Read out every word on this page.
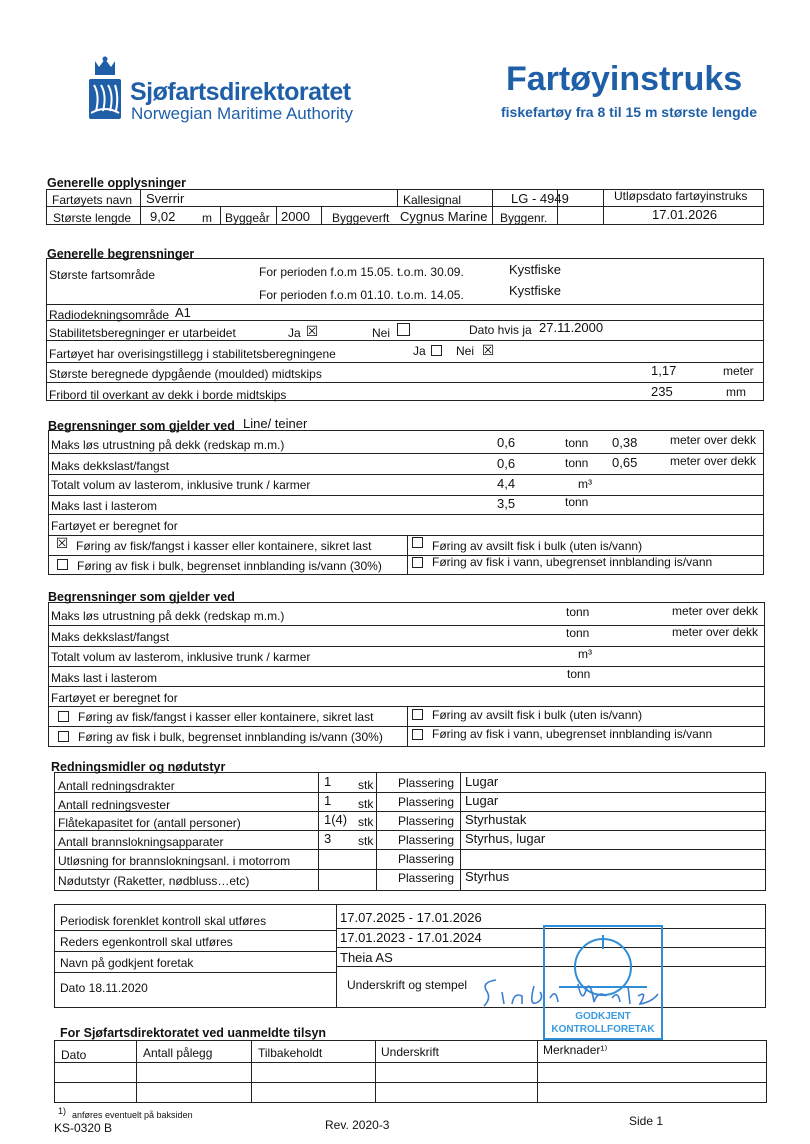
Sjøfartsdirektoratet
Norwegian Maritime Authority
Fartøyinstruks
fiskefartøy fra 8 til 15 m største lengde
Generelle opplysninger
Fartøyets navn Sverrir	Kallesignal	LG - 4949	Utløpsdato fartøyinstruks
17.01.2026
Største lengde 9,02 m Byggeår 2000 Byggeverft Cygnus Marine Byggenr.
Generelle begrensninger
Største fartsområde	For perioden f.o.m 15.05. t.o.m. 30.09.	Kystfiske
For perioden f.o.m 01.10. t.o.m. 14.05.	Kystfiske
Radiodekningsområde A1
Stabilitetsberegninger er utarbeidet	Ja ☒	Nei	Dato hvis ja 27.11.2000
Fartøyet har overisingstillegg i stabilitetsberegningene	Ja	Nei ☒
Største beregnede dypgående (moulded) midtskips	1,17	meter
Fribord til overkant av dekk i borde midtskips	235	mm
Begrensninger som gjelder ved Line/ teiner
Maks løs utrustning på dekk (redskap m.m.)	0,6	tonn 0,38	meter over dekk
Maks dekkslast/fangst	0,6	tonn 0,65	meter over dekk
Totalt volum av lasterom, inklusive trunk / karmer	4,4	m³
Maks last i lasterom	3,5	tonn
Fartøyet er beregnet for
☒ Føring av fisk/fangst i kasser eller kontainere, sikret last	Føring av avsilt fisk i bulk (uten is/vann)
Føring av fisk i bulk, begrenset innblanding is/vann (30%)	Føring av fisk i vann, ubegrenset innblanding is/vann
Begrensninger som gjelder ved
Maks løs utrustning på dekk (redskap m.m.)	tonn	meter over dekk
Maks dekkslast/fangst	tonn	meter over dekk
Totalt volum av lasterom, inklusive trunk / karmer	m³
Maks last i lasterom	tonn
Fartøyet er beregnet for
Føring av fisk/fangst i kasser eller kontainere, sikret last	Føring av avsilt fisk i bulk (uten is/vann)
Føring av fisk i bulk, begrenset innblanding is/vann (30%)	Føring av fisk i vann, ubegrenset innblanding is/vann
Redningsmidler og nødutstyr
Antall redningsdrakter	1 stk Plassering Lugar
Antall redningsvester	1 stk Plassering Lugar
Flåtekapasitet for (antall personer)	1(4) stk Plassering Styrhustak
Antall brannslokningsapparater	3 stk Plassering Styrhus, lugar
Utløsning for brannslokningsanl. i motorrom	Plassering
Nødutstyr (Raketter, nødbluss…etc)	Plassering Styrhus
Periodisk forenklet kontroll skal utføres	17.07.2025 - 17.01.2026
Reders egenkontroll skal utføres	17.01.2023 - 17.01.2024
Navn på godkjent foretak	Theia AS
Dato 18.11.2020	Underskrift og stempel
GODKJENT
KONTROLLFORETAK
For Sjøfartsdirektoratet ved uanmeldte tilsyn
Dato	Antall pålegg	Tilbakeholdt	Underskrift	Merknader¹⁾
1) anføres eventuelt på baksiden
KS-0320 B	Rev. 2020-3	Side 1
